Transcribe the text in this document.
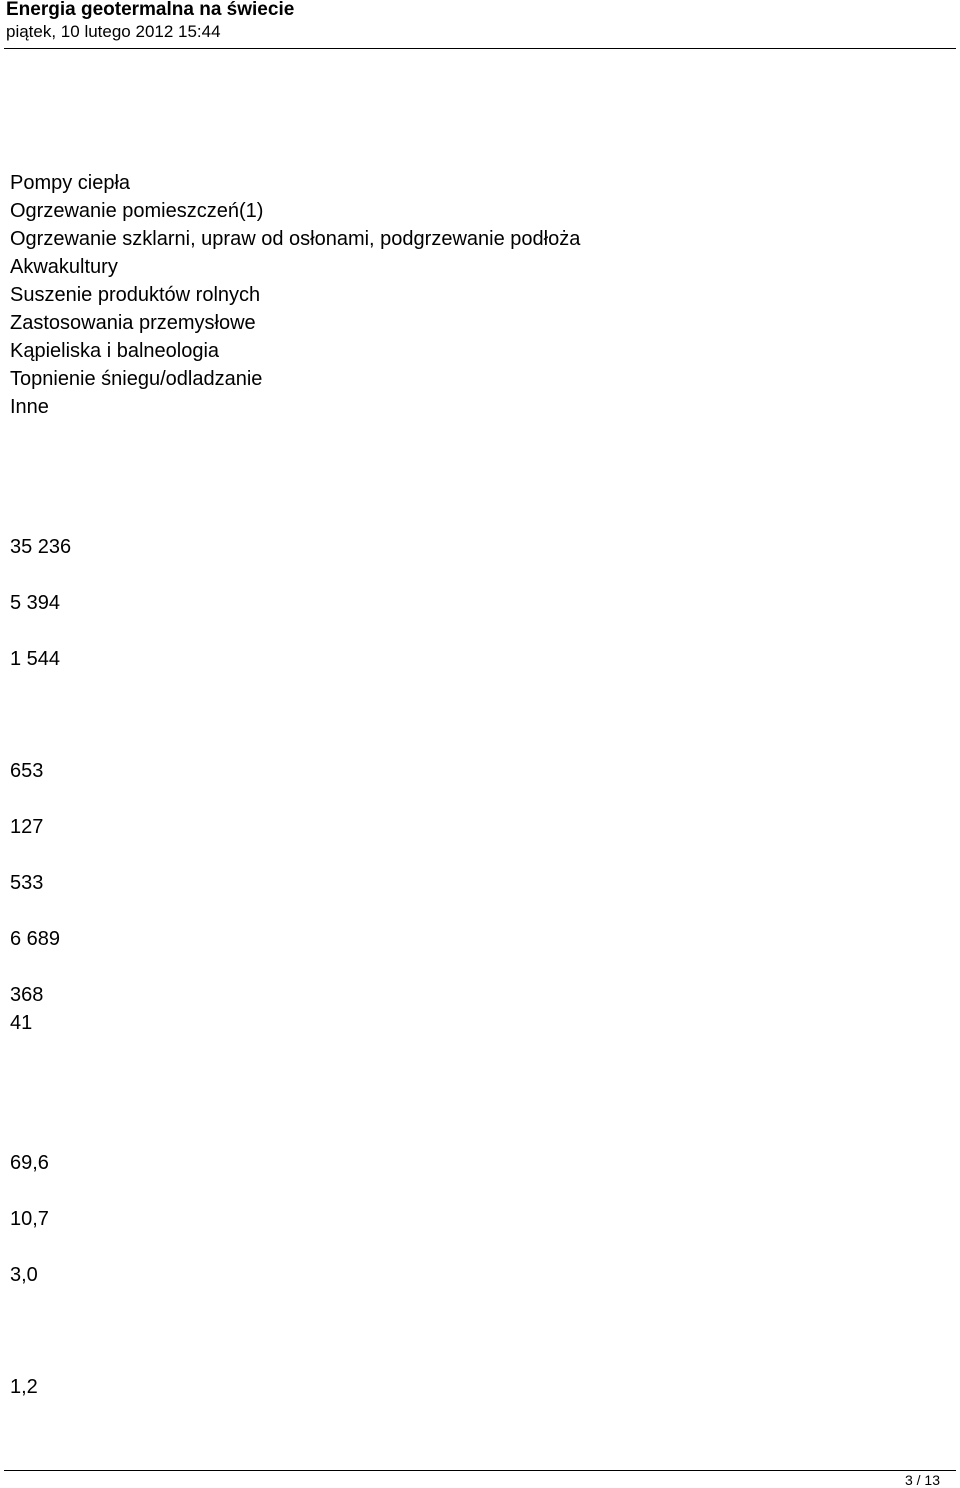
Energia geotermalna na świecie
piątek, 10 lutego 2012 15:44
Pompy ciepła
Ogrzewanie pomieszczeń(1)
Ogrzewanie szklarni, upraw od osłonami, podgrzewanie podłoża
Akwakultury
Suszenie produktów rolnych
Zastosowania przemysłowe
Kąpieliska i balneologia
Topnienie śniegu/odladzanie
Inne
35 236
5 394
1 544
653
127
533
6 689
368
41
69,6
10,7
3,0
1,2
3 / 13
